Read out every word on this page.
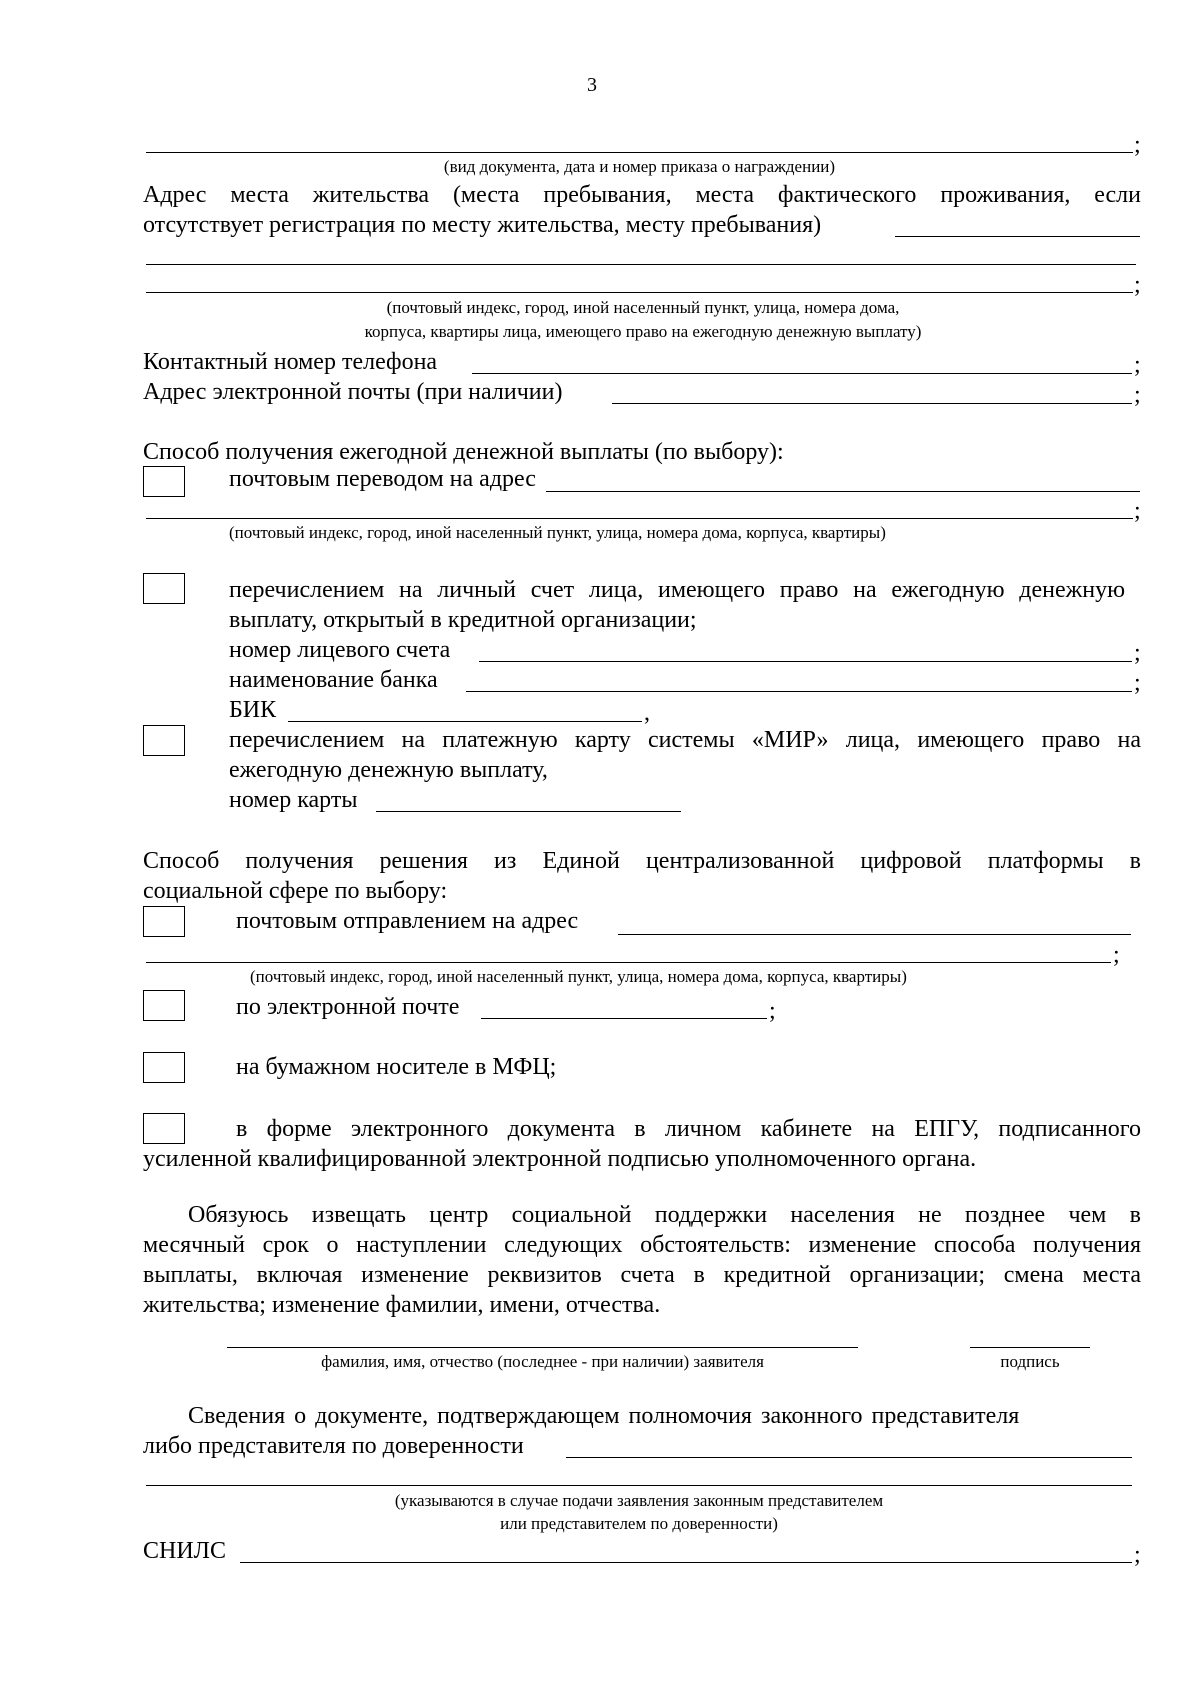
3
;
(вид документа, дата и номер приказа о награждении)
Адрес места жительства (места пребывания, места фактического проживания, если
отсутствует регистрация по месту жительства, месту пребывания)
;
(почтовый индекс, город, иной населенный пункт, улица, номера дома,
корпуса, квартиры лица, имеющего право на ежегодную денежную выплату)
Контактный номер телефона	;
Адрес электронной почты (при наличии)	;
Способ получения ежегодной денежной выплаты (по выбору):
почтовым переводом на адрес
;
(почтовый индекс, город, иной населенный пункт, улица, номера дома, корпуса, квартиры)
перечислением на личный счет лица, имеющего право на ежегодную денежную
выплату, открытый в кредитной организации;
номер лицевого счета	;
наименование банка	;
БИК	,
перечислением на платежную карту системы «МИР» лица, имеющего право на
ежегодную денежную выплату,
номер карты
Способ получения решения из Единой централизованной цифровой платформы в
социальной сфере по выбору:
почтовым отправлением на адрес
;
(почтовый индекс, город, иной населенный пункт, улица, номера дома, корпуса, квартиры)
по электронной почте	;
на бумажном носителе в МФЦ;
в форме электронного документа в личном кабинете на ЕПГУ, подписанного
усиленной квалифицированной электронной подписью уполномоченного органа.
Обязуюсь извещать центр социальной поддержки населения не позднее чем в
месячный срок о наступлении следующих обстоятельств: изменение способа получения
выплаты, включая изменение реквизитов счета в кредитной организации; смена места
жительства; изменение фамилии, имени, отчества.
фамилия, имя, отчество (последнее - при наличии) заявителя	подпись
Сведения о документе, подтверждающем полномочия законного представителя
либо представителя по доверенности
(указываются в случае подачи заявления законным представителем
или представителем по доверенности)
СНИЛС	;
